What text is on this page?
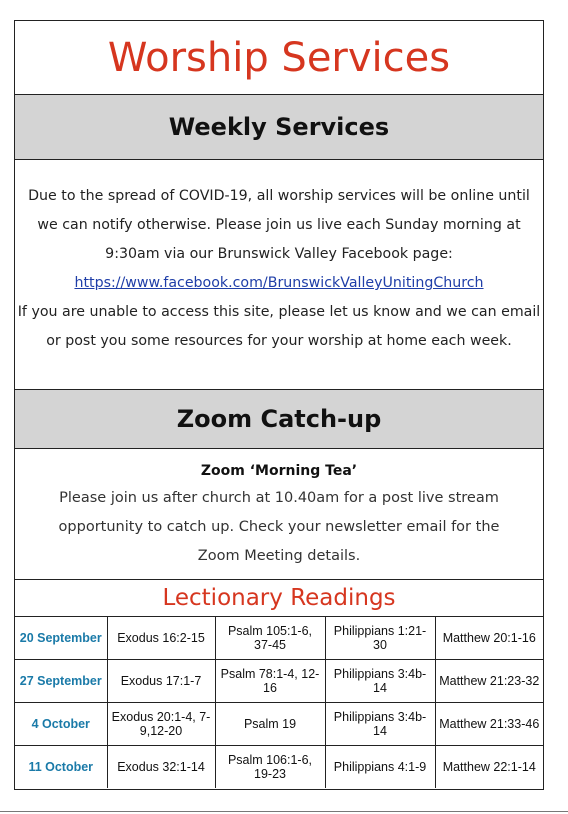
Worship Services
Weekly Services
Due to the spread of COVID-19, all worship services will be online until
we can notify otherwise. Please join us live each Sunday morning at
9:30am via our Brunswick Valley Facebook page:
https://www.facebook.com/BrunswickValleyUnitingChurch
If you are unable to access this site, please let us know and we can email
or post you some resources for your worship at home each week.
Zoom Catch-up
Zoom ‘Morning Tea’
Please join us after church at 10.40am for a post live stream
opportunity to catch up. Check your newsletter email for the
Zoom Meeting details.
Lectionary Readings
20 September	Exodus 16:2-15	Psalm 105:1-6, 37-45	Philippians 1:21-30	Matthew 20:1-16
27 September	Exodus 17:1-7	Psalm 78:1-4, 12-16	Philippians 3:4b-14	Matthew 21:23-32
4 October	Exodus 20:1-4, 7-9,12-20	Psalm 19	Philippians 3:4b-14	Matthew 21:33-46
11 October	Exodus 32:1-14	Psalm 106:1-6, 19-23	Philippians 4:1-9	Matthew 22:1-14
